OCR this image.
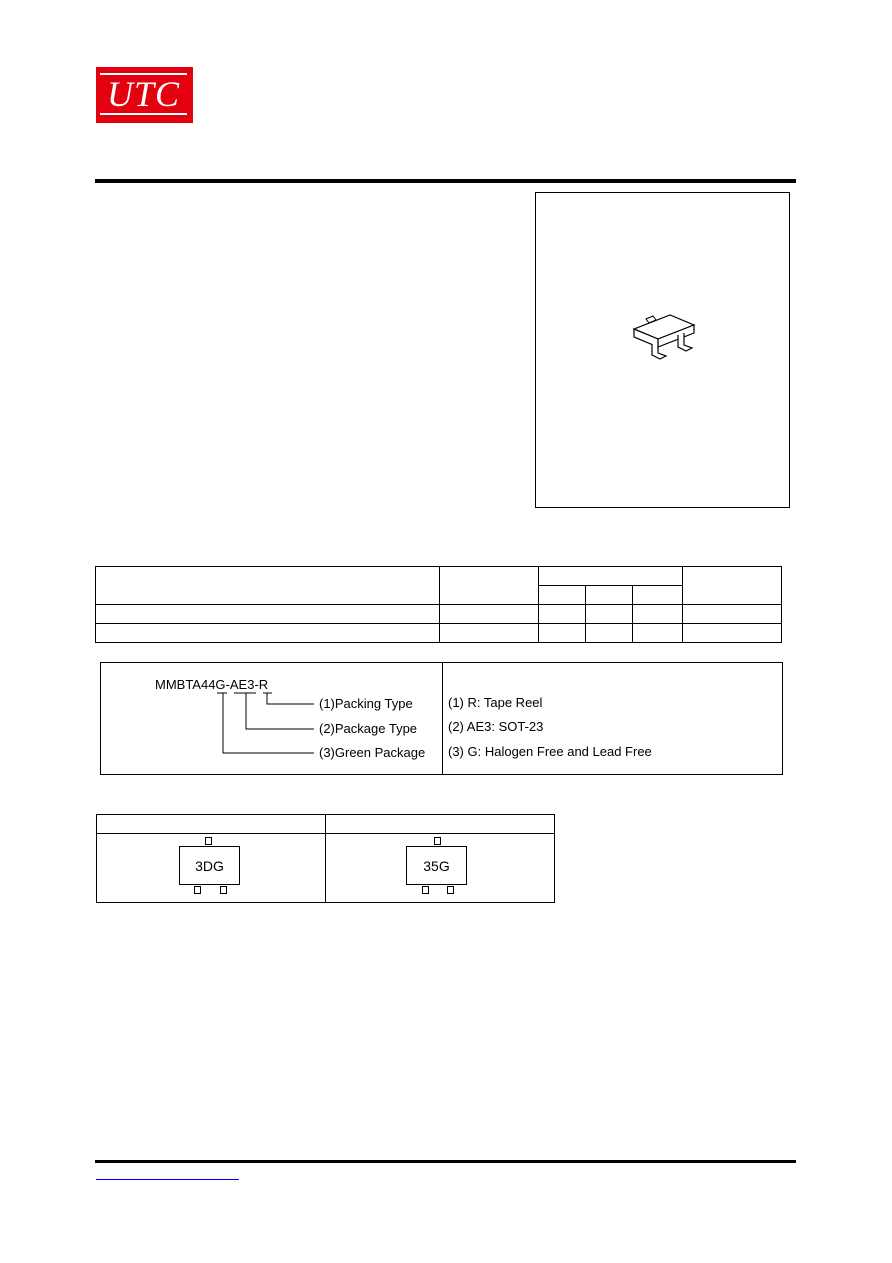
UTC

MMBTA44G-AE3-R
(1)Packing Type
(2)Package Type
(3)Green Package
(1) R: Tape Reel
(2) AE3: SOT-23
(3) G: Halogen Free and Lead Free
3DG	35G
